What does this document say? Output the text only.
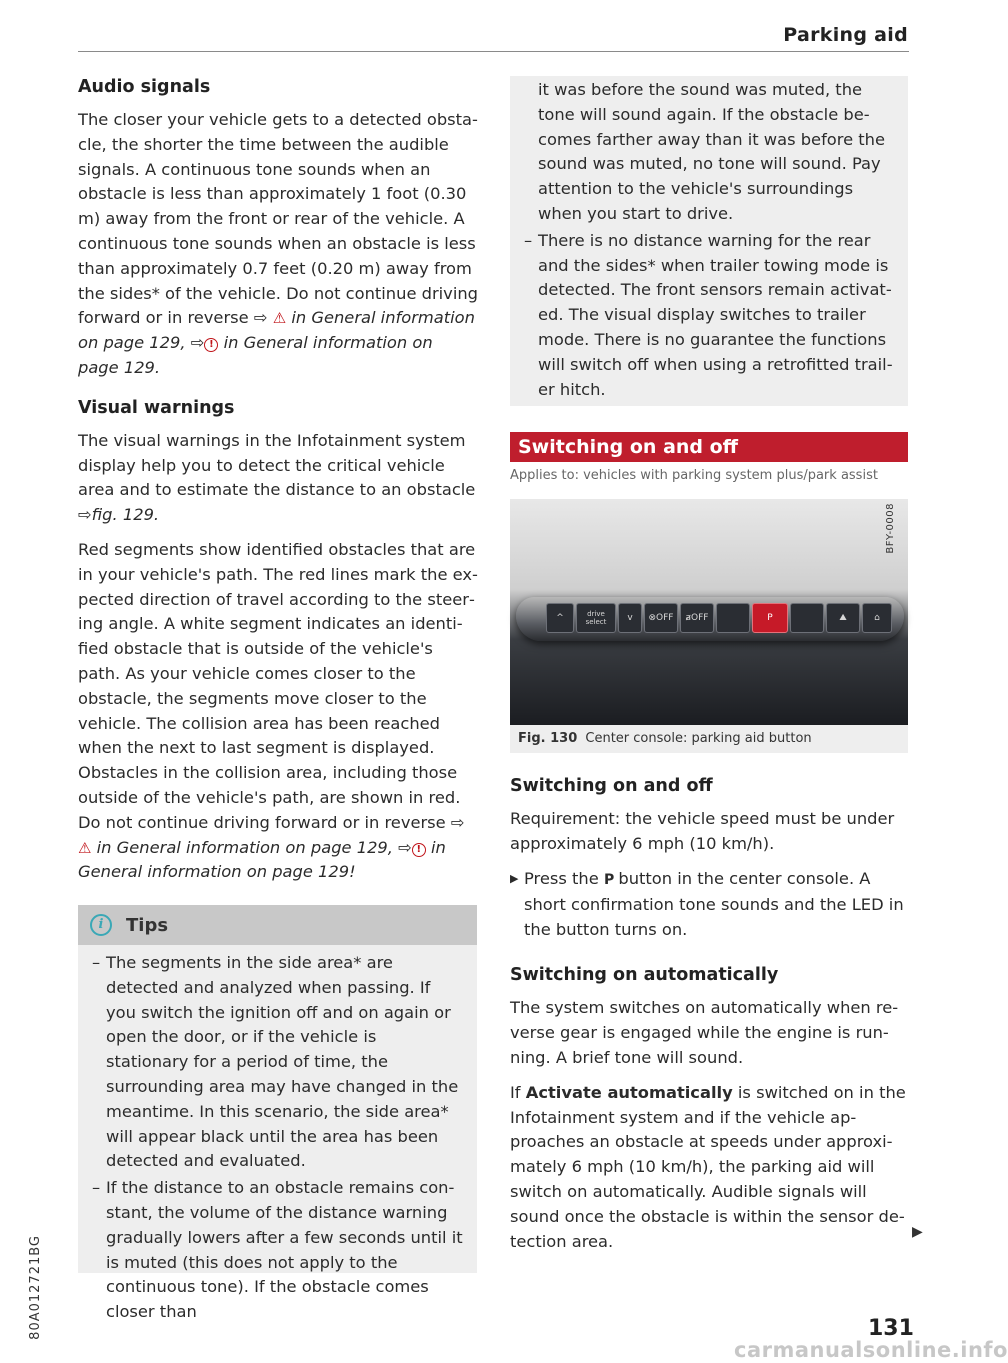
Parking aid
Audio signals

The closer your vehicle gets to a detected obstacle, the shorter the time between the audible signals. A continuous tone sounds when an obstacle is less than approximately 1 foot (0.30 m) away from the front or rear of the vehicle. A continuous tone sounds when an obstacle is less than approximately 0.7 feet (0.20 m) away from the sides* of the vehicle. Do not continue driving forward or in reverse ⇨ ⚠ in General information on page 129, ⇨ ! in General information on page 129.

Visual warnings

The visual warnings in the Infotainment system display help you to detect the critical vehicle area and to estimate the distance to an obstacle ⇨fig. 129.

Red segments show identified obstacles that are in your vehicle's path. The red lines mark the expected direction of travel according to the steering angle. A white segment indicates an identified obstacle that is outside of the vehicle's path. As your vehicle comes closer to the obstacle, the segments move closer to the vehicle. The collision area has been reached when the next to last segment is displayed. Obstacles in the collision area, including those outside of the vehicle's path, are shown in red. Do not continue driving forward or in reverse ⇨ ⚠ in General information on page 129, ⇨ ! in General information on page 129!

i	Tips
– The segments in the side area* are detected and analyzed when passing. If you switch the ignition off and on again or open the door, or if the vehicle is stationary for a period of time, the surrounding area may have changed in the meantime. In this scenario, the side area* will appear black until the area has been detected and evaluated.
– If the distance to an obstacle remains constant, the volume of the distance warning gradually lowers after a few seconds until it is muted (this does not apply to the continuous tone). If the obstacle comes closer than

it was before the sound was muted, the tone will sound again. If the obstacle becomes farther away than it was before the sound was muted, no tone will sound. Pay attention to the vehicle's surroundings when you start to drive.

– There is no distance warning for the rear and the sides* when trailer towing mode is detected. The front sensors remain activated. The visual display switches to trailer mode. There is no guarantee the functions will switch off when using a retrofitted trailer hitch.
Switching on and off
Applies to: vehicles with parking system plus/park assist
BFY-0008
^	drive select	v	⊗OFF	ⱥOFF	P	⛰	⌂
Fig. 130 Center console: parking aid button
Switching on and off

Requirement: the vehicle speed must be under approximately 6 mph (10 km/h).

▶ Press the P button in the center console. A short confirmation tone sounds and the LED in the button turns on.
Switching on automatically

The system switches on automatically when reverse gear is engaged while the engine is running. A brief tone will sound.

If Activate automatically is switched on in the Infotainment system and if the vehicle approaches an obstacle at speeds under approximately 6 mph (10 km/h), the parking aid will switch on automatically. Audible signals will sound once the obstacle is within the sensor detection area.	▶
80A012721BG	131
carmanualsonline.info
